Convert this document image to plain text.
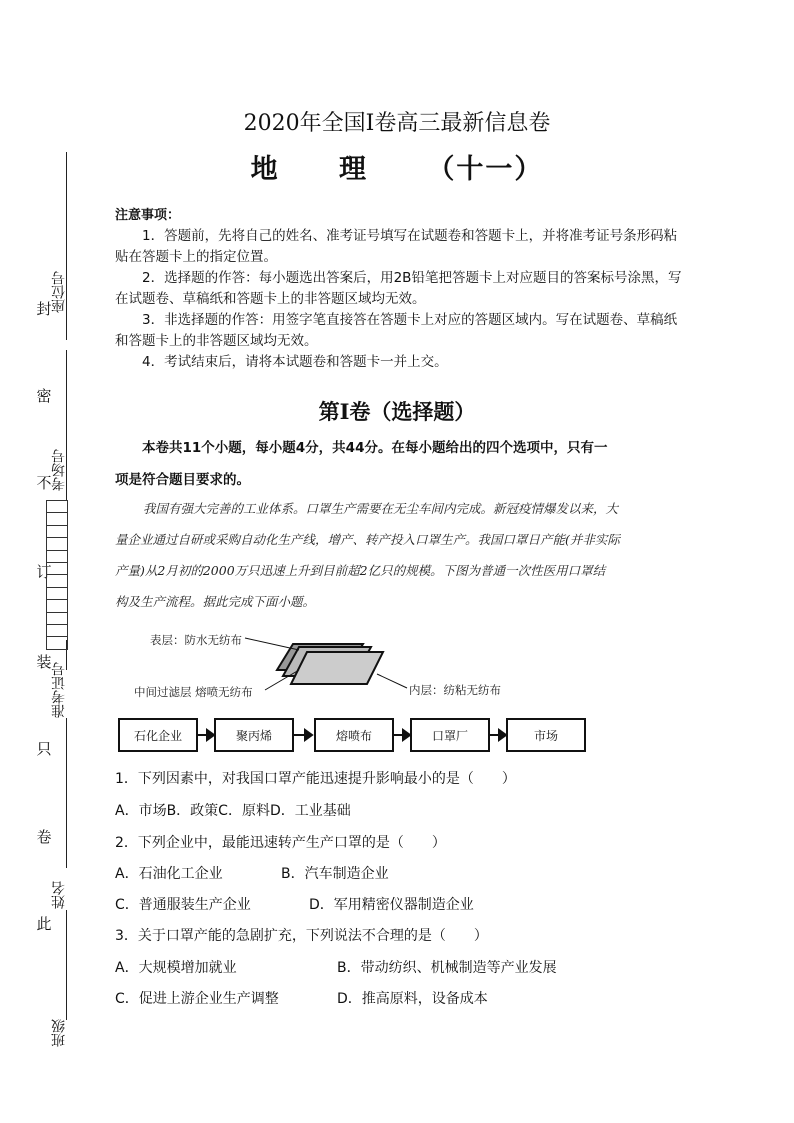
封
密
不
订
装
只
卷
此
座位号
考场号
准考证号
姓名
班级
2020年全国Ⅰ卷高三最新信息卷
地 理 （十一）
注意事项：
1．答题前，先将自己的姓名、准考证号填写在试题卷和答题卡上，并将准考证号条形码粘贴在答题卡上的指定位置。
2．选择题的作答：每小题选出答案后，用2B铅笔把答题卡上对应题目的答案标号涂黑，写在试题卷、草稿纸和答题卡上的非答题区域均无效。
3．非选择题的作答：用签字笔直接答在答题卡上对应的答题区域内。写在试题卷、草稿纸和答题卡上的非答题区域均无效。
4．考试结束后，请将本试题卷和答题卡一并上交。
第Ⅰ卷（选择题）
本卷共11个小题，每小题4分，共44分。在每小题给出的四个选项中，只有一
项是符合题目要求的。
我国有强大完善的工业体系。口罩生产需要在无尘车间内完成。新冠疫情爆发以来，大
量企业通过自研或采购自动化生产线，增产、转产投入口罩生产。我国口罩日产能(并非实际
产量)从2月初的2000万只迅速上升到目前超2亿只的规模。下图为普通一次性医用口罩结
构及生产流程。据此完成下面小题。
表层：防水无纺布
中间过滤层 熔喷无纺布	内层：纺粘无纺布
石化企业	聚丙烯	熔喷布	口罩厂	市场
1．下列因素中，对我国口罩产能迅速提升影响最小的是（　　）
A．市场B．政策C．原料D．工业基础
2．下列企业中，最能迅速转产生产口罩的是（　　）
A．石油化工企业	B．汽车制造企业
C．普通服装生产企业	D．军用精密仪器制造企业
3．关于口罩产能的急剧扩充，下列说法不合理的是（　　）
A．大规模增加就业	B．带动纺织、机械制造等产业发展
C．促进上游企业生产调整	D．推高原料，设备成本
